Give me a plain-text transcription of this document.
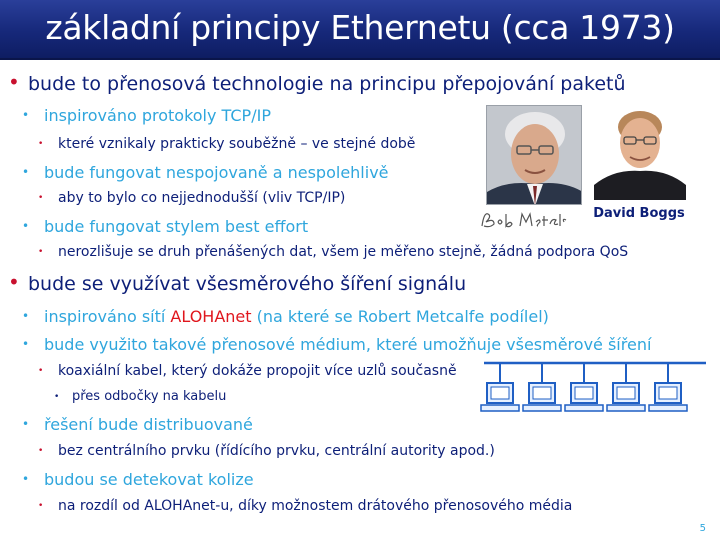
základní principy Ethernetu (cca 1973)
• bude to přenosová technologie na principu přepojování paketů
• inspirováno protokoly TCP/IP
• které vznikaly prakticky souběžně – ve stejné době
• bude fungovat nespojovaně a nespolehlivě
• aby to bylo co nejjednodušší (vliv TCP/IP)
• bude fungovat stylem best effort
• nerozlišuje se druh přenášených dat, všem je měřeno stejně, žádná podpora QoS
• bude se využívat všesměrového šíření signálu
• inspirováno sítí ALOHAnet (na které se Robert Metcalfe podílel)
• bude využito takové přenosové médium, které umožňuje všesměrové šíření
• koaxiální kabel, který dokáže propojit více uzlů současně
• přes odbočky na kabelu
• řešení bude distribuované
• bez centrálního prvku (řídícího prvku, centrální autority apod.)
• budou se detekovat kolize
• na rozdíl od ALOHAnet-u, díky možnostem drátového přenosového média
David Boggs
5
